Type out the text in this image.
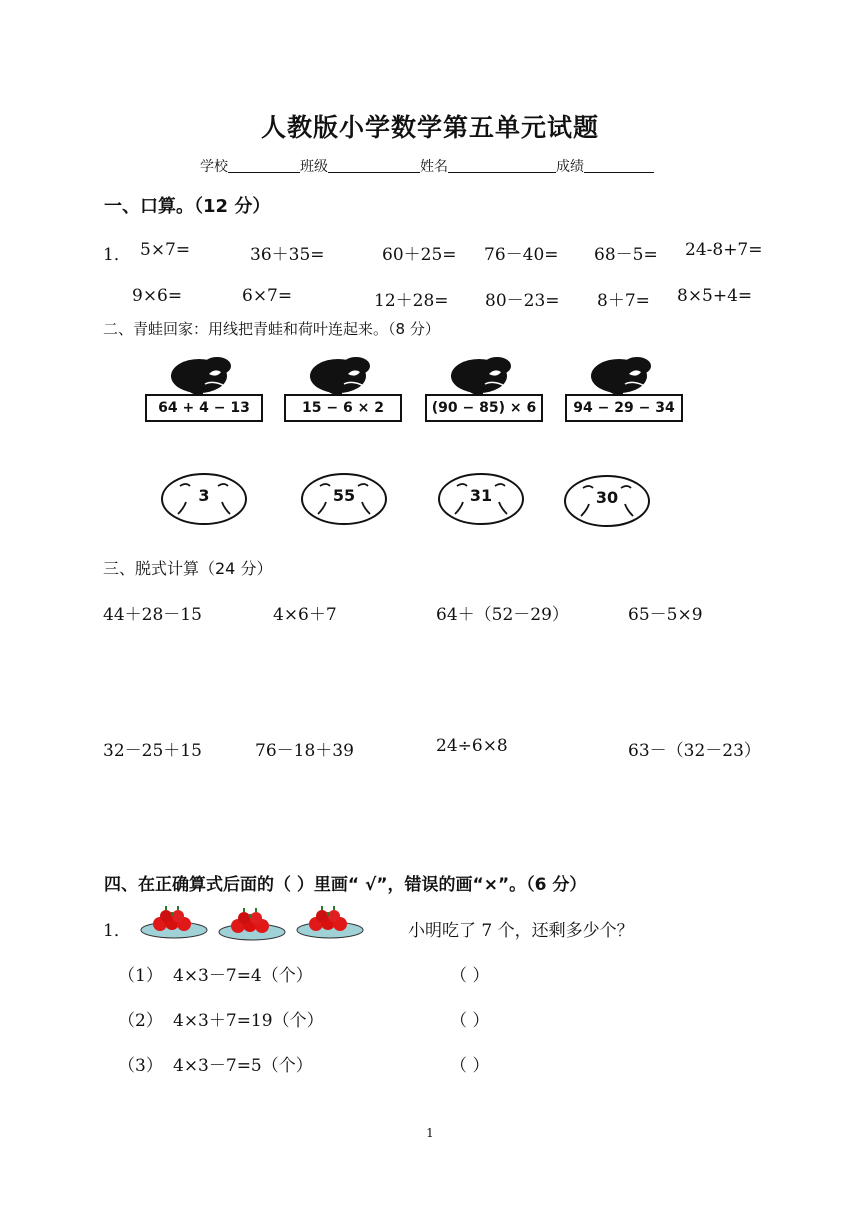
人教版小学数学第五单元试题
学校	班级	姓名	成绩
一、口算。（12 分）
1． 5×7=	36＋35=	60＋25= 76－40= 68－5= 24-8+7=
9×6=	6×7=	12＋28= 80－23= 8＋7= 8×5+4=
二、青蛙回家：用线把青蛙和荷叶连起来。（8 分）
64 + 4 − 13	15 − 6 × 2	(90 − 85) × 6	94 − 29 − 34
3	55	31	30
三、脱式计算（24 分）
44＋28－15	4×6＋7	64＋（52－29）	65－5×9
32－25＋15	76－18＋39	24÷6×8	63－（32－23）
四、在正确算式后面的（ ）里画“ √”，错误的画“×”。（6 分）
1．	小明吃了 7 个，还剩多少个？
（1） 4×3－7=4（个）	（ ）
（2） 4×3＋7=19（个）	（ ）
（3） 4×3－7=5（个）	（ ）
1
